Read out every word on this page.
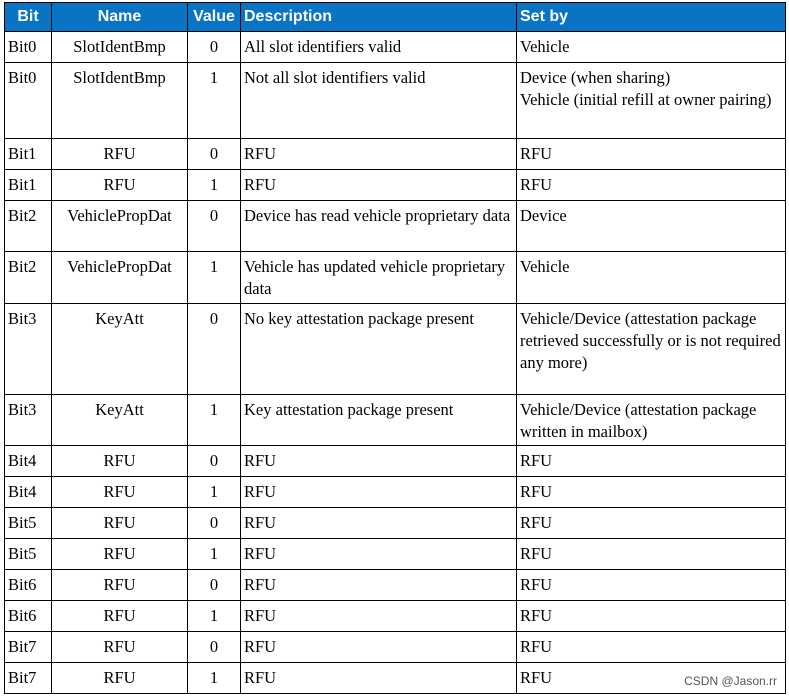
Bit	Name	Value	Description	Set by
Bit0	SlotIdentBmp	0	All slot identifiers valid	Vehicle

Bit0	SlotIdentBmp	1	Not all slot identifiers valid	Device (when sharing)
Vehicle (initial refill at owner pairing)

Bit1	RFU	0	RFU	RFU

Bit1	RFU	1	RFU	RFU

Bit2	VehiclePropDat	0	Device has read vehicle proprietary data	Device

Bit2	VehiclePropDat	1	Vehicle has updated vehicle proprietary data	Vehicle

Bit3	KeyAtt	0	No key attestation package present	Vehicle/Device (attestation package retrieved successfully or is not required any more)

Bit3	KeyAtt	1	Key attestation package present	Vehicle/Device (attestation package written in mailbox)

Bit4	RFU	0	RFU	RFU

Bit4	RFU	1	RFU	RFU

Bit5	RFU	0	RFU	RFU

Bit5	RFU	1	RFU	RFU

Bit6	RFU	0	RFU	RFU

Bit6	RFU	1	RFU	RFU

Bit7	RFU	0	RFU	RFU

Bit7	RFU	1	RFU	RFU	CSDN @Jason.rr
